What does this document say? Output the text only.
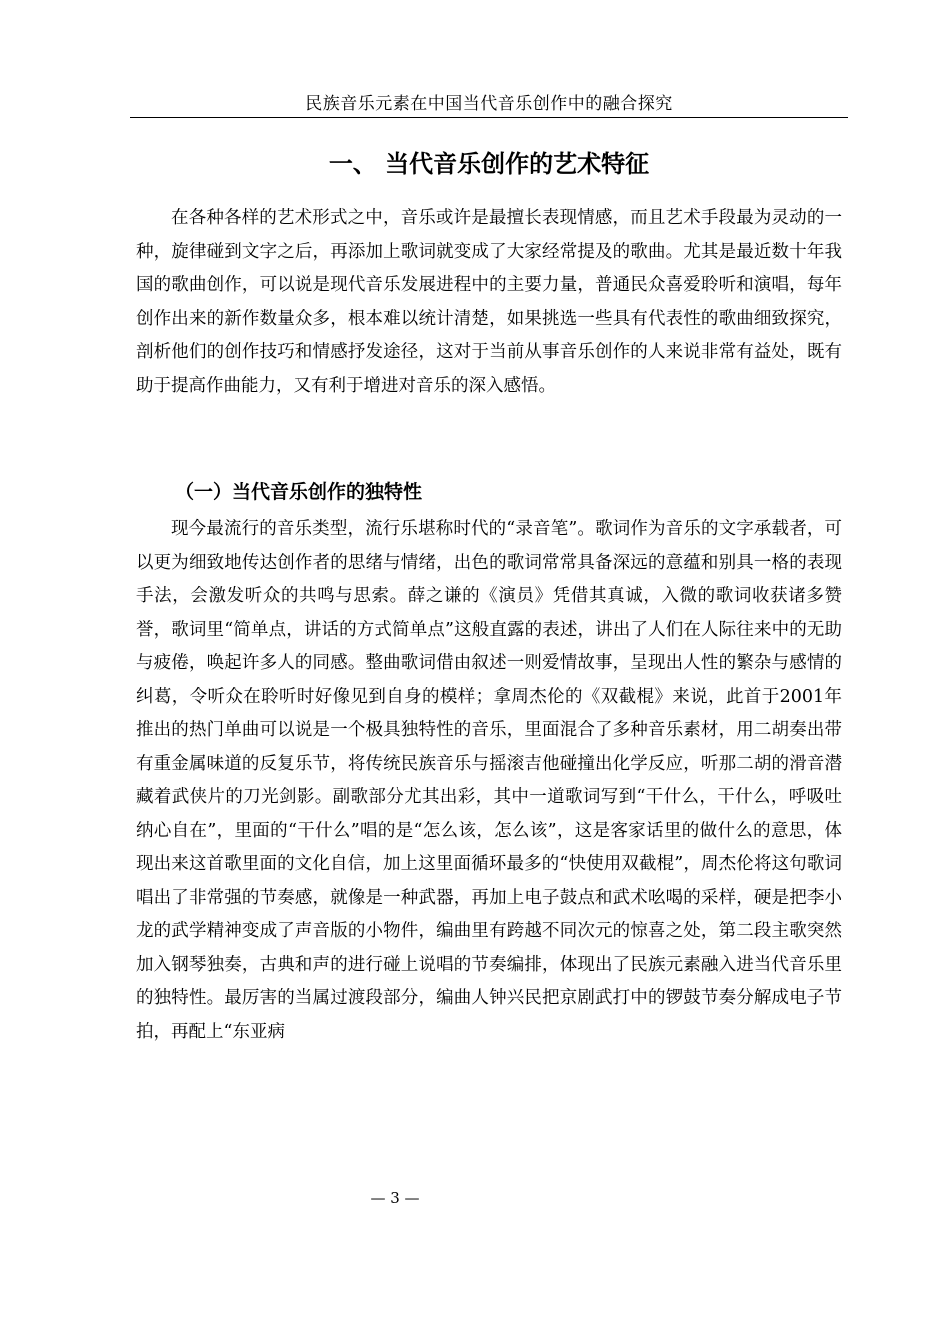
民族音乐元素在中国当代音乐创作中的融合探究
一、 当代音乐创作的艺术特征

在各种各样的艺术形式之中，音乐或许是最擅长表现情感，而且艺术手段最为灵动的一种，旋律碰到文字之后，再添加上歌词就变成了大家经常提及的歌曲。尤其是最近数十年我国的歌曲创作，可以说是现代音乐发展进程中的主要力量，普通民众喜爱聆听和演唱，每年创作出来的新作数量众多，根本难以统计清楚，如果挑选一些具有代表性的歌曲细致探究，剖析他们的创作技巧和情感抒发途径，这对于当前从事音乐创作的人来说非常有益处，既有助于提高作曲能力，又有利于增进对音乐的深入感悟。

（一）当代音乐创作的独特性

现今最流行的音乐类型，流行乐堪称时代的“录音笔”。歌词作为音乐的文字承载者，可以更为细致地传达创作者的思绪与情绪，出色的歌词常常具备深远的意蕴和别具一格的表现手法，会激发听众的共鸣与思索。薛之谦的《演员》凭借其真诚，入微的歌词收获诸多赞誉，歌词里“简单点，讲话的方式简单点”这般直露的表述，讲出了人们在人际往来中的无助与疲倦，唤起许多人的同感。整曲歌词借由叙述一则爱情故事，呈现出人性的繁杂与感情的纠葛，令听众在聆听时好像见到自身的模样；拿周杰伦的《双截棍》来说，此首于2001年推出的热门单曲可以说是一个极具独特性的音乐，里面混合了多种音乐素材，用二胡奏出带有重金属味道的反复乐节，将传统民族音乐与摇滚吉他碰撞出化学反应，听那二胡的滑音潜藏着武侠片的刀光剑影。副歌部分尤其出彩，其中一道歌词写到“干什么，干什么，呼吸吐纳心自在”，里面的“干什么”唱的是“怎么该，怎么该”，这是客家话里的做什么的意思，体现出来这首歌里面的文化自信，加上这里面循环最多的“快使用双截棍”，周杰伦将这句歌词唱出了非常强的节奏感，就像是一种武器，再加上电子鼓点和武术吆喝的采样，硬是把李小龙的武学精神变成了声音版的小物件，编曲里有跨越不同次元的惊喜之处，第二段主歌突然加入钢琴独奏，古典和声的进行碰上说唱的节奏编排，体现出了民族元素融入进当代音乐里的独特性。最厉害的当属过渡段部分，编曲人钟兴民把京剧武打中的锣鼓节奏分解成电子节拍，再配上“东亚病

— 3 —
